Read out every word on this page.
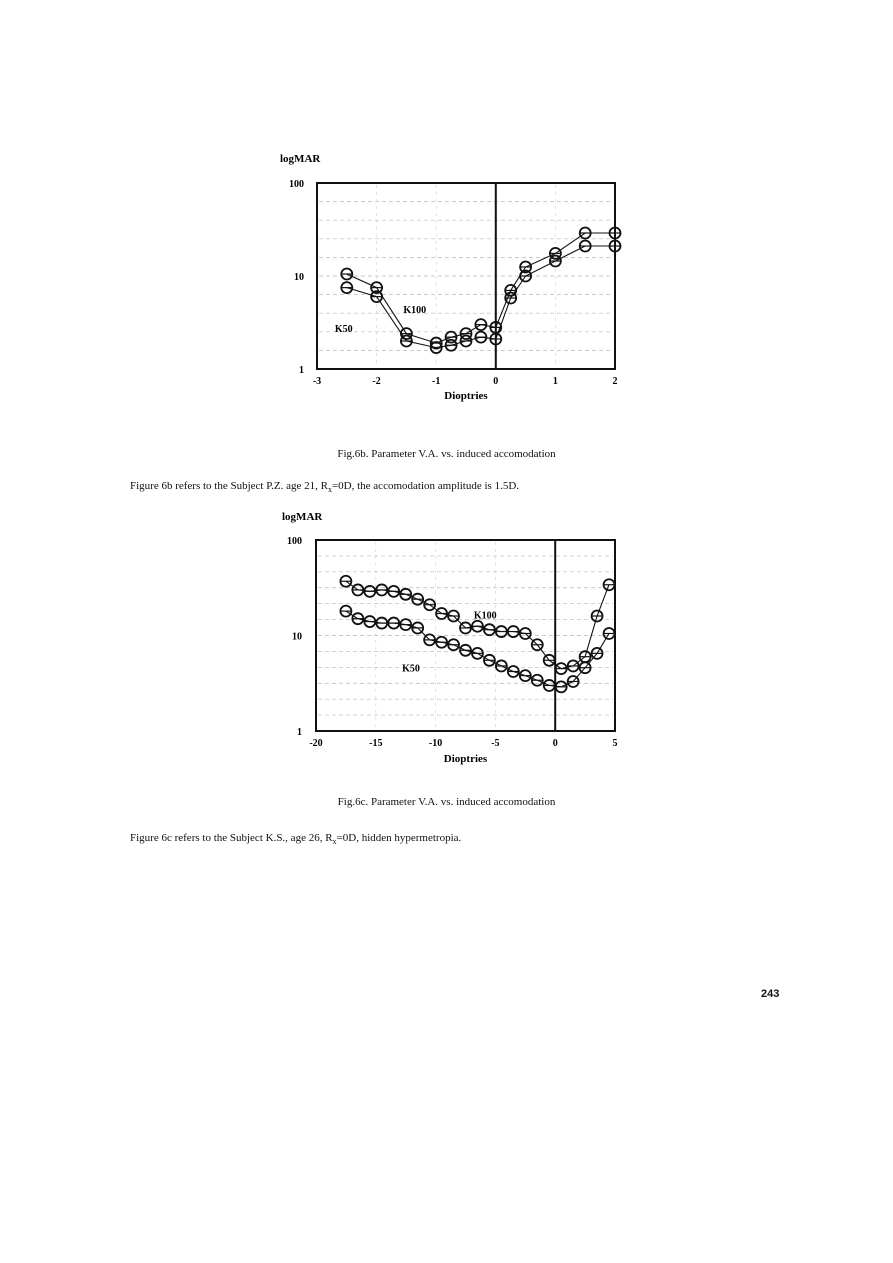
logMAR
Dioptries
-3	-2	-1	0	1	2
1
10
100
K100
K50
Fig.6b. Parameter V.A. vs. induced accomodation
Figure 6b refers to the Subject P.Z. age 21, $R_x=0D$, the accomodation amplitude is 1.5D.
logMAR
Dioptries
-20	-15	-10	-5	0	5
1
10
100
K100
K50
Fig.6c. Parameter V.A. vs. induced accomodation
Figure 6c refers to the Subject K.S., age 26, $R_x=0D$, hidden hypermetropia.
243
